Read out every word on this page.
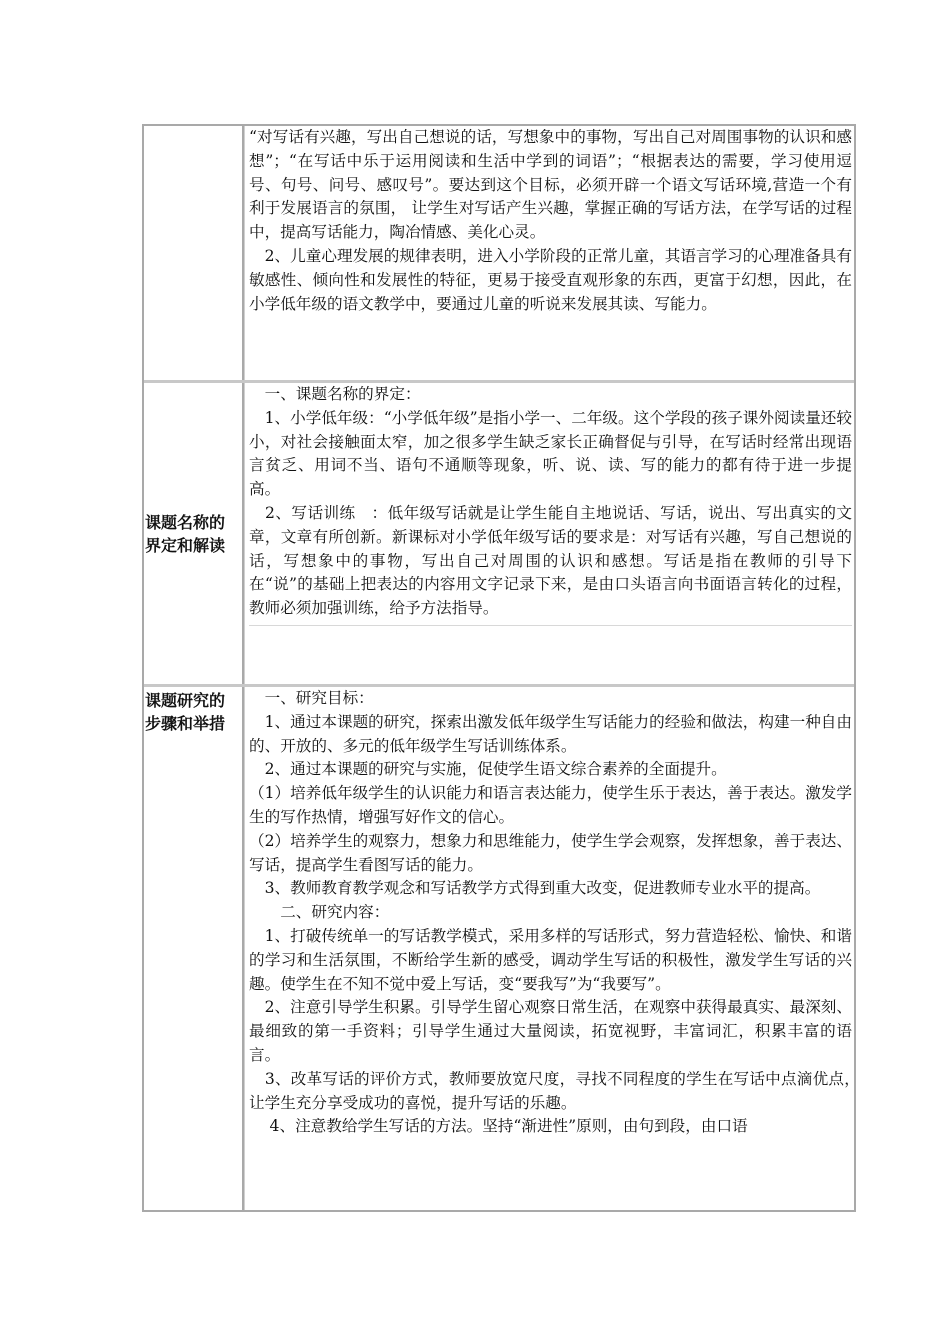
“对写话有兴趣，写出自己想说的话，写想象中的事物，写出自己对周围事物的认识和感想”；“在写话中乐于运用阅读和生活中学到的词语”；“根据表达的需要，学习使用逗号、句号、问号、感叹号”。要达到这个目标，必须开辟一个语文写话环境,营造一个有利于发展语言的氛围， 让学生对写话产生兴趣，掌握正确的写话方法，在学写话的过程中，提高写话能力，陶冶情感、美化心灵。

　2、儿童心理发展的规律表明，进入小学阶段的正常儿童，其语言学习的心理准备具有敏感性、倾向性和发展性的特征，更易于接受直观形象的东西，更富于幻想，因此，在小学低年级的语文教学中，要通过儿童的听说来发展其读、写能力。

课题名称的
界定和解读

　一、课题名称的界定：

　1、小学低年级：“小学低年级”是指小学一、二年级。这个学段的孩子课外阅读量还较小，对社会接触面太窄，加之很多学生缺乏家长正确督促与引导，在写话时经常出现语言贫乏、用词不当、语句不通顺等现象，听、说、读、写的能力的都有待于进一步提高。

　2、写话训练　：低年级写话就是让学生能自主地说话、写话，说出、写出真实的文章，文章有所创新。新课标对小学低年级写话的要求是：对写话有兴趣，写自己想说的话，写想象中的事物，写出自己对周围的认识和感想。写话是指在教师的引导下在“说”的基础上把表达的内容用文字记录下来，是由口头语言向书面语言转化的过程，教师必须加强训练，给予方法指导。

课题研究的
步骤和举措

　一、研究目标：

　1、通过本课题的研究，探索出激发低年级学生写话能力的经验和做法，构建一种自由的、开放的、多元的低年级学生写话训练体系。

　2、通过本课题的研究与实施，促使学生语文综合素养的全面提升。

（1）培养低年级学生的认识能力和语言表达能力，使学生乐于表达，善于表达。激发学生的写作热情，增强写好作文的信心。

（2）培养学生的观察力，想象力和思维能力，使学生学会观察，发挥想象，善于表达、写话，提高学生看图写话的能力。

　3、教师教育教学观念和写话教学方式得到重大改变，促进教师专业水平的提高。

　　二、研究内容：

　1、打破传统单一的写话教学模式，采用多样的写话形式，努力营造轻松、愉快、和谐的学习和生活氛围，不断给学生新的感受，调动学生写话的积极性，激发学生写话的兴趣。使学生在不知不觉中爱上写话，变“要我写”为“我要写”。

　2、注意引导学生积累。引导学生留心观察日常生活，在观察中获得最真实、最深刻、最细致的第一手资料；引导学生通过大量阅读，拓宽视野，丰富词汇，积累丰富的语言。

　3、改革写话的评价方式，教师要放宽尺度，寻找不同程度的学生在写话中点滴优点，　　让学生充分享受成功的喜悦，提升写话的乐趣。

　 4、注意教给学生写话的方法。坚持“渐进性”原则，由句到段，由口语
